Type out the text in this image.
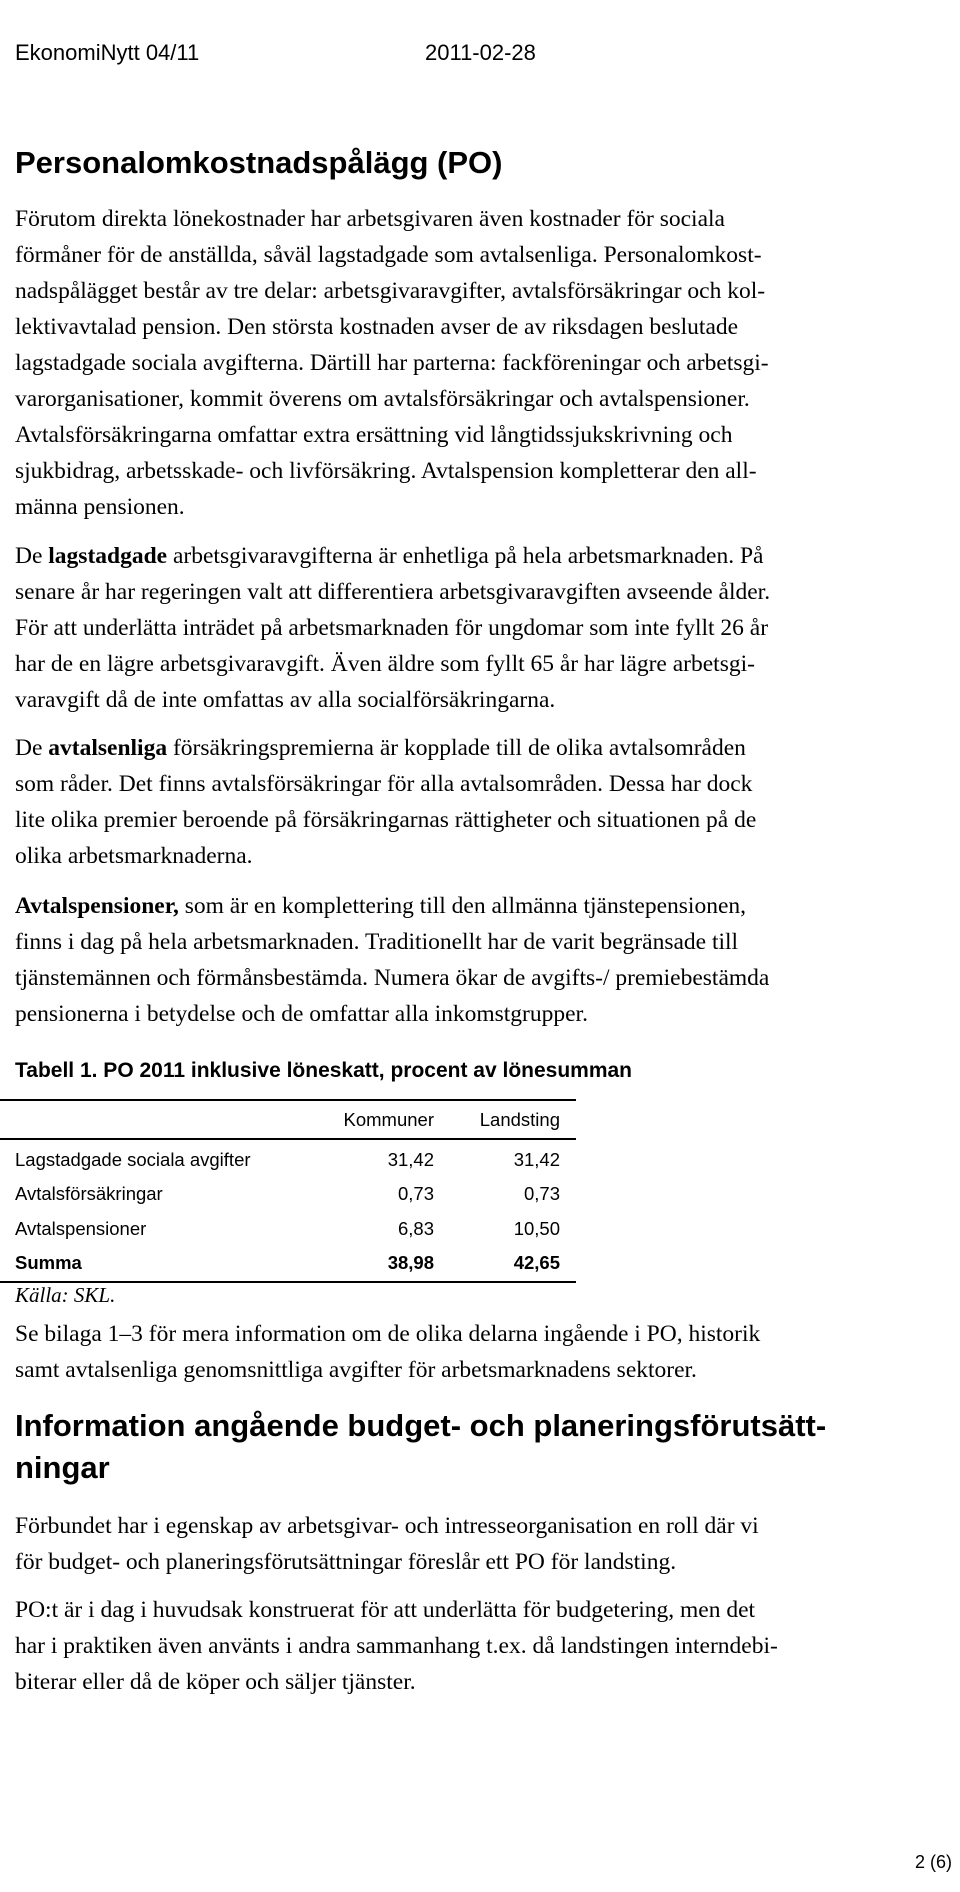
EkonomiNytt 04/11	2011-02-28
Personalomkostnadspålägg (PO)
Förutom direkta lönekostnader har arbetsgivaren även kostnader för sociala
förmåner för de anställda, såväl lagstadgade som avtalsenliga. Personalomkost-
nadspålägget består av tre delar: arbetsgivaravgifter, avtalsförsäkringar och kol-
lektivavtalad pension. Den största kostnaden avser de av riksdagen beslutade
lagstadgade sociala avgifterna. Därtill har parterna: fackföreningar och arbetsgi-
varorganisationer, kommit överens om avtalsförsäkringar och avtalspensioner.
Avtalsförsäkringarna omfattar extra ersättning vid långtidssjukskrivning och
sjukbidrag, arbetsskade- och livförsäkring. Avtalspension kompletterar den all-
männa pensionen.
De lagstadgade arbetsgivaravgifterna är enhetliga på hela arbetsmarknaden. På
senare år har regeringen valt att differentiera arbetsgivaravgiften avseende ålder.
För att underlätta inträdet på arbetsmarknaden för ungdomar som inte fyllt 26 år
har de en lägre arbetsgivaravgift. Även äldre som fyllt 65 år har lägre arbetsgi-
varavgift då de inte omfattas av alla socialförsäkringarna.
De avtalsenliga försäkringspremierna är kopplade till de olika avtalsområden
som råder. Det finns avtalsförsäkringar för alla avtalsområden. Dessa har dock
lite olika premier beroende på försäkringarnas rättigheter och situationen på de
olika arbetsmarknaderna.
Avtalspensioner, som är en komplettering till den allmänna tjänstepensionen,
finns i dag på hela arbetsmarknaden. Traditionellt har de varit begränsade till
tjänstemännen och förmånsbestämda. Numera ökar de avgifts-/ premiebestämda
pensionerna i betydelse och de omfattar alla inkomstgrupper.
Tabell 1. PO 2011 inklusive löneskatt, procent av lönesumman
Kommuner Landsting
Lagstadgade sociala avgifter	31,42	31,42
Avtalsförsäkringar	0,73	0,73
Avtalspensioner	6,83	10,50
Summa	38,98	42,65
Källa: SKL.
Se bilaga 1–3 för mera information om de olika delarna ingående i PO, historik
samt avtalsenliga genomsnittliga avgifter för arbetsmarknadens sektorer.
Information angående budget- och planeringsförutsätt-
ningar
Förbundet har i egenskap av arbetsgivar- och intresseorganisation en roll där vi
för budget- och planeringsförutsättningar föreslår ett PO för landsting.
PO:t är i dag i huvudsak konstruerat för att underlätta för budgetering, men det
har i praktiken även använts i andra sammanhang t.ex. då landstingen interndebi-
biterar eller då de köper och säljer tjänster.
2 (6)
